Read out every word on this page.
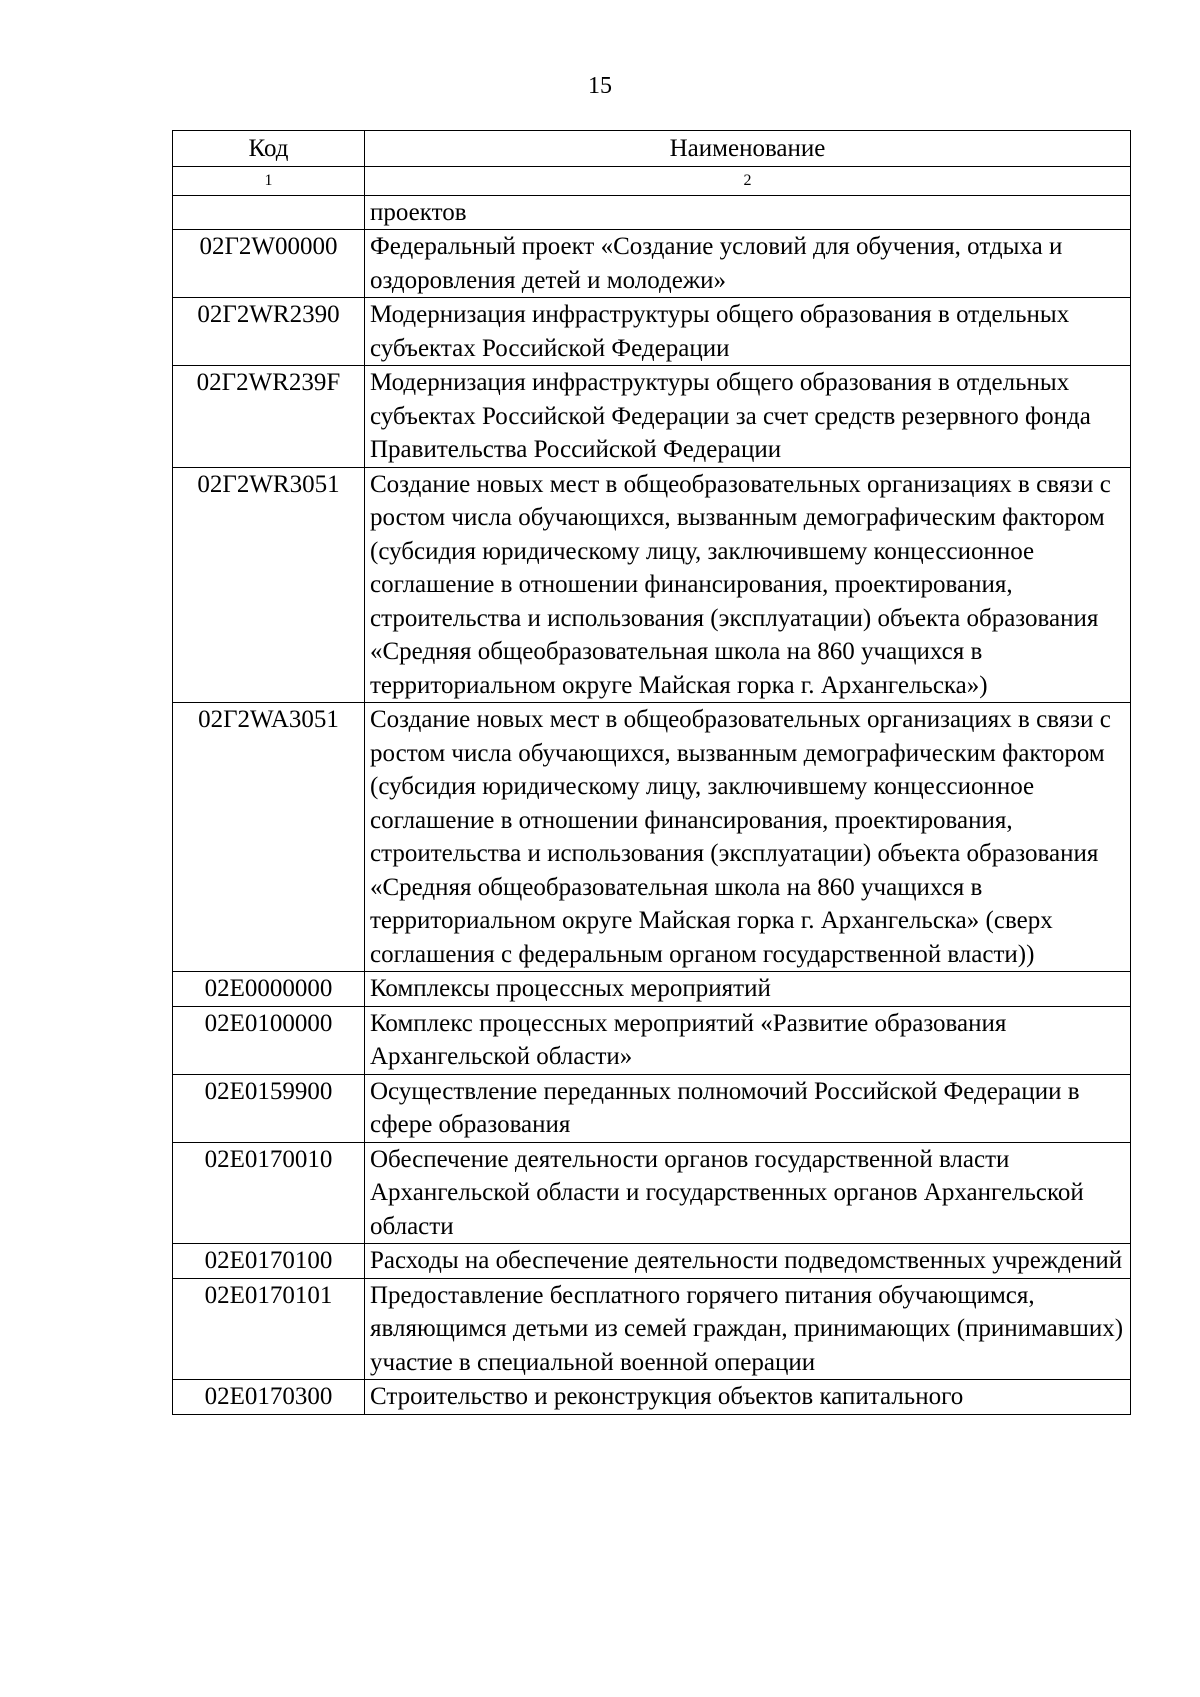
15
Код	Наименование
1	2
	проектов
02Г2W00000	Федеральный проект «Создание условий для обучения, отдыха и оздоровления детей и молодежи»
02Г2WR2390	Модернизация инфраструктуры общего образования в отдельных субъектах Российской Федерации
02Г2WR239F	Модернизация инфраструктуры общего образования в отдельных субъектах Российской Федерации за счет средств резервного фонда Правительства Российской Федерации
02Г2WR3051	Создание новых мест в общеобразовательных организациях в связи с ростом числа обучающихся, вызванным демографическим фактором (субсидия юридическому лицу, заключившему концессионное соглашение в отношении финансирования, проектирования, строительства и использования (эксплуатации) объекта образования «Средняя общеобразовательная школа на 860 учащихся в территориальном округе Майская горка г. Архангельска»)
02Г2WA3051	Создание новых мест в общеобразовательных организациях в связи с ростом числа обучающихся, вызванным демографическим фактором (субсидия юридическому лицу, заключившему концессионное соглашение в отношении финансирования, проектирования, строительства и использования (эксплуатации) объекта образования «Средняя общеобразовательная школа на 860 учащихся в территориальном округе Майская горка г. Архангельска» (сверх соглашения с федеральным органом государственной власти))
02Е0000000	Комплексы процессных мероприятий
02Е0100000	Комплекс процессных мероприятий «Развитие образования Архангельской области»
02Е0159900	Осуществление переданных полномочий Российской Федерации в сфере образования
02Е0170010	Обеспечение деятельности органов государственной власти Архангельской области и государственных органов Архангельской области
02Е0170100	Расходы на обеспечение деятельности подведомственных учреждений
02Е0170101	Предоставление бесплатного горячего питания обучающимся, являющимся детьми из семей граждан, принимающих (принимавших) участие в специальной военной операции
02Е0170300	Строительство и реконструкция объектов капитального
